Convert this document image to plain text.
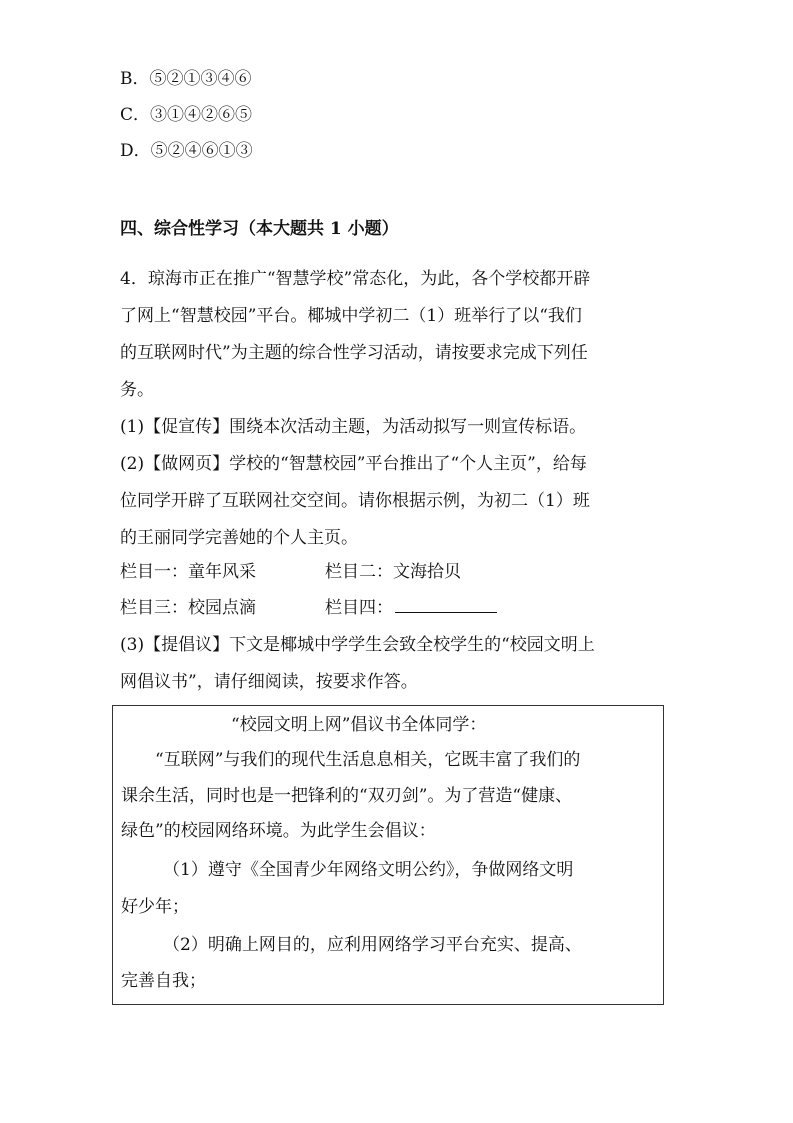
B．⑤②①③④⑥
C．③①④②⑥⑤
D．⑤②④⑥①③
四、综合性学习（本大题共 1 小题）
4．琼海市正在推广“智慧学校”常态化，为此，各个学校都开辟
了网上“智慧校园”平台。椰城中学初二（1）班举行了以“我们
的互联网时代”为主题的综合性学习活动，请按要求完成下列任
务。
(1)【促宣传】围绕本次活动主题，为活动拟写一则宣传标语。
(2)【做网页】学校的“智慧校园”平台推出了“个人主页”，给每
位同学开辟了互联网社交空间。请你根据示例，为初二（1）班
的王丽同学完善她的个人主页。
栏目一：童年风采	栏目二：文海拾贝
栏目三：校园点滴	栏目四：
(3)【提倡议】下文是椰城中学学生会致全校学生的“校园文明上
网倡议书”，请仔细阅读，按要求作答。
“校园文明上网”倡议书全体同学：
“互联网”与我们的现代生活息息相关，它既丰富了我们的
课余生活，同时也是一把锋利的“双刃剑”。为了营造“健康、
绿色”的校园网络环境。为此学生会倡议：
（1）遵守《全国青少年网络文明公约》，争做网络文明
好少年；
（2）明确上网目的，应利用网络学习平台充实、提高、
完善自我；
